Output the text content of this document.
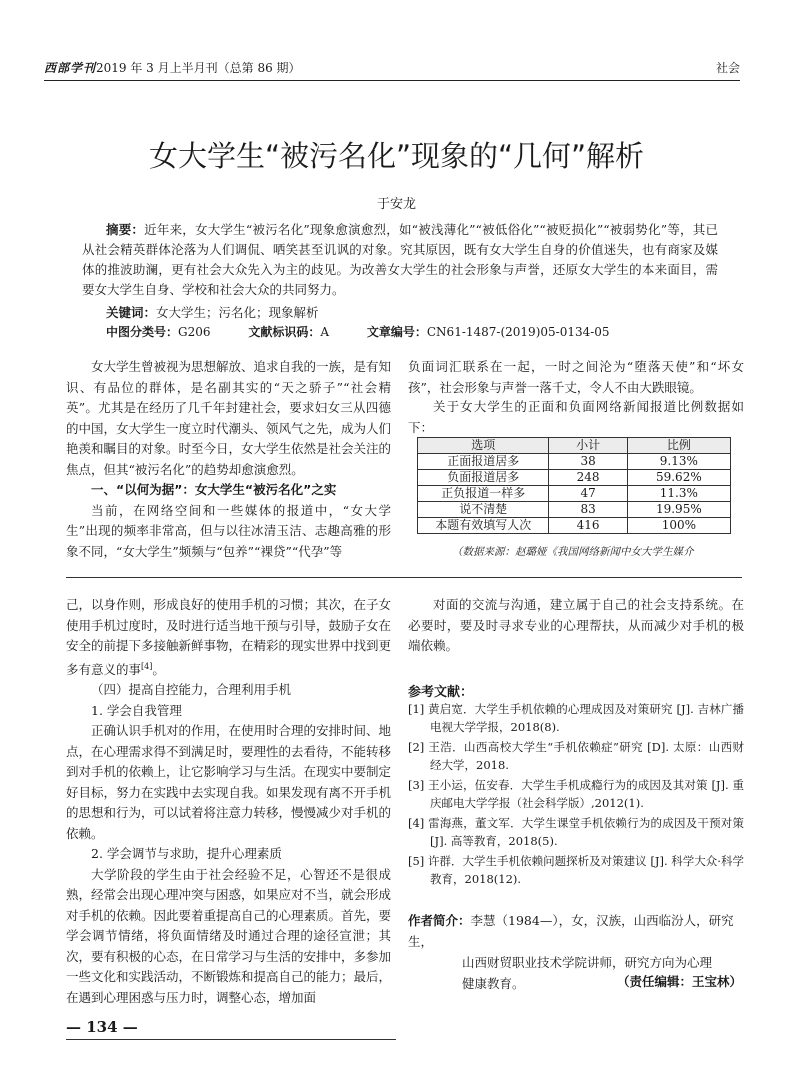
西部学刊2019 年 3 月上半月刊（总第 86 期）	社会
女大学生“被污名化”现象的“几何”解析
于安龙
摘要：近年来，女大学生“被污名化”现象愈演愈烈，如“被浅薄化”“被低俗化”“被贬损化”“被弱势化”等，其已从社会精英群体沦落为人们调侃、哂笑甚至讥讽的对象。究其原因，既有女大学生自身的价值迷失，也有商家及媒体的推波助澜，更有社会大众先入为主的歧见。为改善女大学生的社会形象与声誉，还原女大学生的本来面目，需要女大学生自身、学校和社会大众的共同努力。
关键词：女大学生；污名化；现象解析
中图分类号：G206	文献标识码：A	文章编号：CN61-1487-(2019)05-0134-05

女大学生曾被视为思想解放、追求自我的一族，是有知识、有品位的群体，是名副其实的“天之骄子”“社会精英”。尤其是在经历了几千年封建社会，要求妇女三从四德的中国，女大学生一度立时代潮头、领风气之先，成为人们艳羡和瞩目的对象。时至今日，女大学生依然是社会关注的焦点，但其“被污名化”的趋势却愈演愈烈。

一、“以何为据”：女大学生“被污名化”之实

当前，在网络空间和一些媒体的报道中，“女大学生”出现的频率非常高，但与以往冰清玉洁、志趣高雅的形象不同，“女大学生”频频与“包养”“裸贷”“代孕”等

负面词汇联系在一起，一时之间沦为“堕落天使”和“坏女孩”，社会形象与声誉一落千丈，令人不由大跌眼镜。

关于女大学生的正面和负面网络新闻报道比例数据如下：
选项	小计	比例
正面报道居多	38	9.13%
负面报道居多	248	59.62%
正负报道一样多	47	11.3%
说不清楚	83	19.95%
本题有效填写人次	416	100%
（数据来源：赵璐娅《我国网络新闻中女大学生媒介

己，以身作则，形成良好的使用手机的习惯；其次，在子女使用手机过度时，及时进行适当地干预与引导，鼓励子女在安全的前提下多接触新鲜事物，在精彩的现实世界中找到更多有意义的事[4]。

（四）提高自控能力，合理利用手机

1. 学会自我管理

正确认识手机对的作用，在使用时合理的安排时间、地点，在心理需求得不到满足时，要理性的去看待，不能转移到对手机的依赖上，让它影响学习与生活。在现实中要制定好目标，努力在实践中去实现自我。如果发现有离不开手机的思想和行为，可以试着将注意力转移，慢慢减少对手机的依赖。

2. 学会调节与求助，提升心理素质

大学阶段的学生由于社会经验不足，心智还不是很成熟，经常会出现心理冲突与困惑，如果应对不当，就会形成对手机的依赖。因此要着重提高自己的心理素质。首先，要学会调节情绪，将负面情绪及时通过合理的途径宣泄；其次，要有积极的心态，在日常学习与生活的安排中，多参加一些文化和实践活动，不断锻炼和提高自己的能力；最后，在遇到心理困惑与压力时，调整心态，增加面

对面的交流与沟通，建立属于自己的社会支持系统。在必要时，要及时寻求专业的心理帮扶，从而减少对手机的极端依赖。

参考文献：

[1] 黄启宽．大学生手机依赖的心理成因及对策研究 [J]. 吉林广播电视大学学报，2018(8).

[2] 王浩．山西高校大学生“手机依赖症”研究 [D]. 太原：山西财经大学，2018.

[3] 王小运，伍安春．大学生手机成瘾行为的成因及其对策 [J]. 重庆邮电大学学报（社会科学版）,2012(1).

[4] 雷海燕，董文军．大学生课堂手机依赖行为的成因及干预对策 [J]. 高等教育，2018(5).

[5] 许群．大学生手机依赖问题探析及对策建议 [J]. 科学大众·科学教育，2018(12).

作者简介：李慧（1984—），女，汉族，山西临汾人，研究生，
山西财贸职业技术学院讲师，研究方向为心理
健康教育。	（责任编辑：王宝林）
— 134 —
